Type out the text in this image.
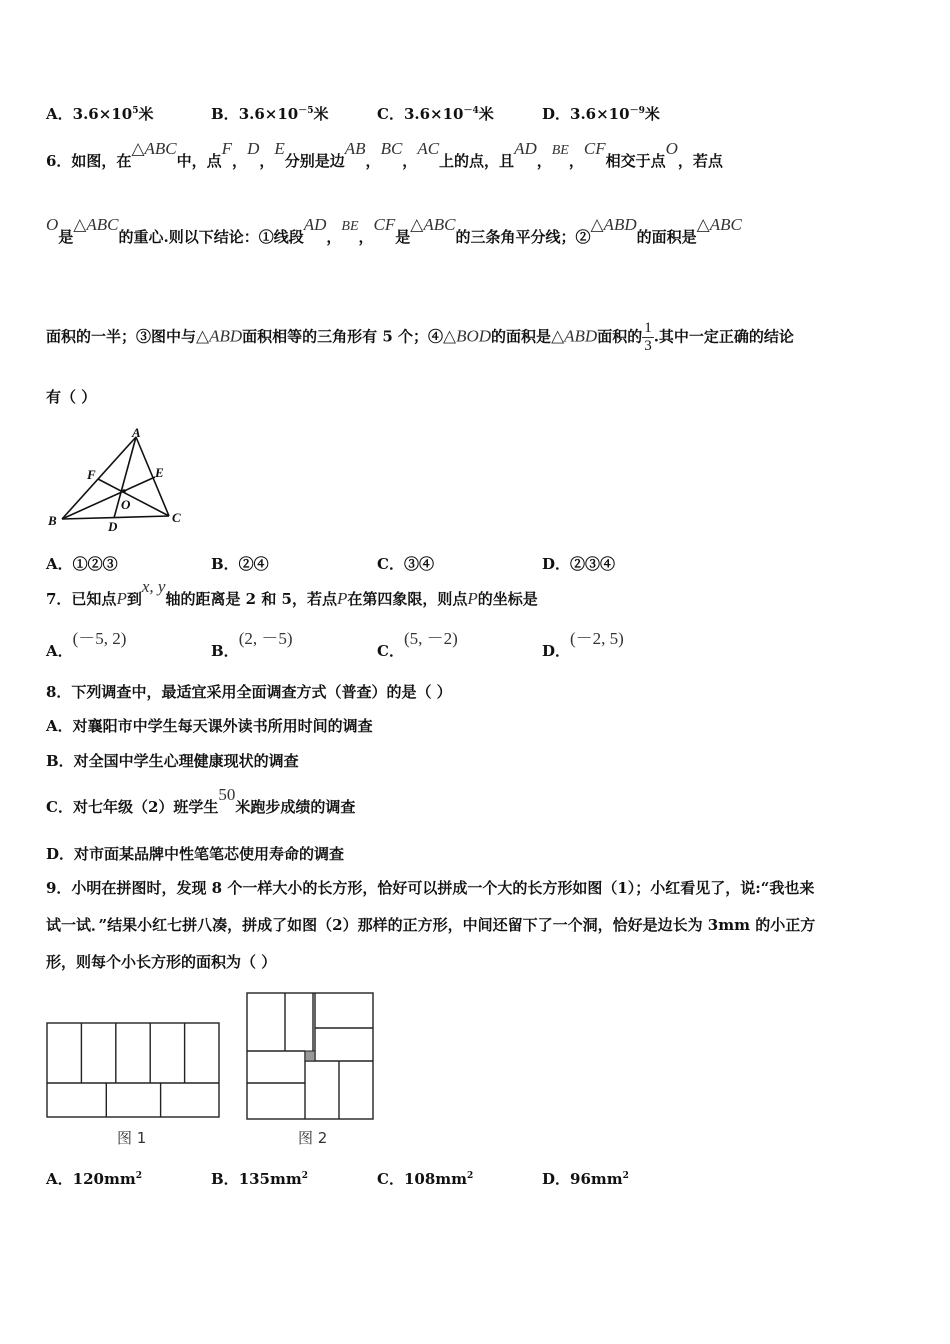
A．$3.6\times 10^5$米	B．$3.6\times 10^{-5}$米	C．$3.6\times 10^{-4}$米	D．$3.6\times 10^{-9}$米
6．如图，在△ABC中，点F，D，E分别是边AB，BC，AC上的点，且AD，BE，CF相交于点O，若点
O是△ABC的重心.则以下结论：①线段AD，BE，CF是△ABC的三条角平分线；②△ABD的面积是△ABC
面积的一半；③图中与△ABD面积相等的三角形有 5 个；④△BOD的面积是△ABD面积的 $\frac{1}{3}$ .其中一定正确的结论
有（ ）
A
B	C
D
E
F
O
A．①②③	B．②④	C．③④	D．②③④
7．已知点P到x, y轴的距离是 2 和 5，若点P在第四象限，则点P的坐标是
A．(－5, 2)
B．(2, －5)
C．(5, －2)
D．(－2, 5)
8．下列调查中，最适宜采用全面调查方式（普查）的是（ ）
A．对襄阳市中学生每天课外读书所用时间的调查
B．对全国中学生心理健康现状的调查
C．对七年级（2）班学生50米跑步成绩的调查
D．对市面某品牌中性笔笔芯使用寿命的调查
9．小明在拼图时，发现 8 个一样大小的长方形，恰好可以拼成一个大的长方形如图（1）；小红看见了，说:“我也来
试一试．”结果小红七拼八凑，拼成了如图（2）那样的正方形，中间还留下了一个洞，恰好是边长为 3mm 的小正方
形，则每个小长方形的面积为（ ）
图 1	图 2
A．$120mm^2$	B．$135mm^2$	C．$108mm^2$	D．$96mm^2$
